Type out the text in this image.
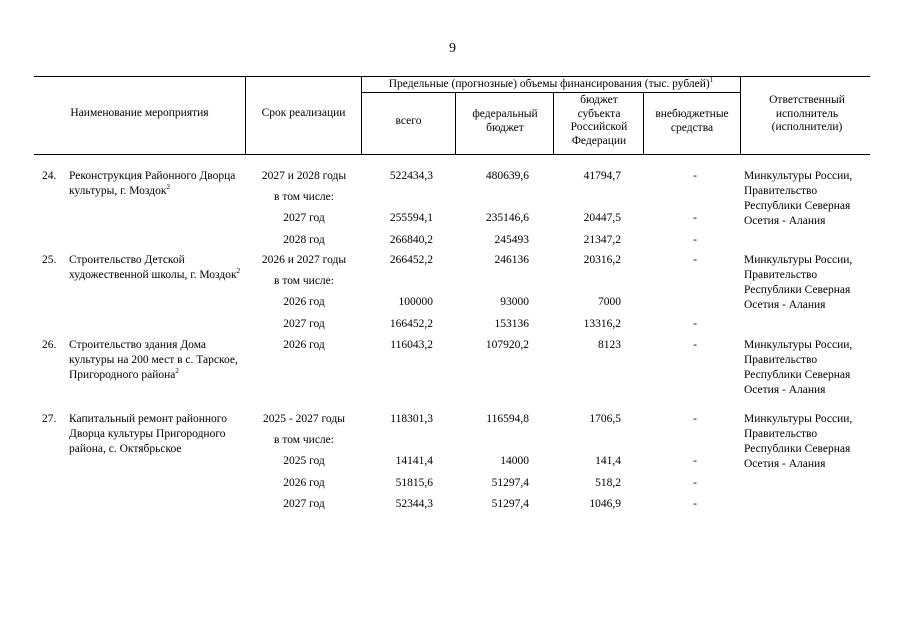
9
Наименование мероприятия	Срок реализации
Предельные (прогнозные) объемы финансирования (тыс. рублей)$^1$
всего
федеральный бюджет
бюджет субъекта Российской Федерации
внебюджетные средства
Ответственный исполнитель (исполнители)
24. Реконструкция Районного Дворца культуры, г. Моздок$^2$
Минкультуры России, Правительство Республики Северная Осетия - Алания
2027 и 2028 годы	522434,3	480639,6	41794,7	-
в том числе:
2027 год	255594,1	235146,6	20447,5	-
2028 год	266840,2	245493	21347,2	-
25. Строительство Детской художественной школы, г. Моздок$^2$
Минкультуры России, Правительство Республики Северная Осетия - Алания
2026 и 2027 годы	266452,2	246136	20316,2	-
в том числе:
2026 год	100000	93000	7000
2027 год	166452,2	153136	13316,2	-
26. Строительство здания Дома культуры на 200 мест в с. Тарское, Пригородного района$^2$
Минкультуры России, Правительство Республики Северная Осетия - Алания
2026 год	116043,2	107920,2	8123	-
27. Капитальный ремонт районного Дворца культуры Пригородного района, с. Октябрьское
Минкультуры России, Правительство Республики Северная Осетия - Алания
2025 - 2027 годы	118301,3	116594,8	1706,5	-
в том числе:
2025 год	14141,4	14000	141,4	-
2026 год	51815,6	51297,4	518,2	-
2027 год	52344,3	51297,4	1046,9	-
